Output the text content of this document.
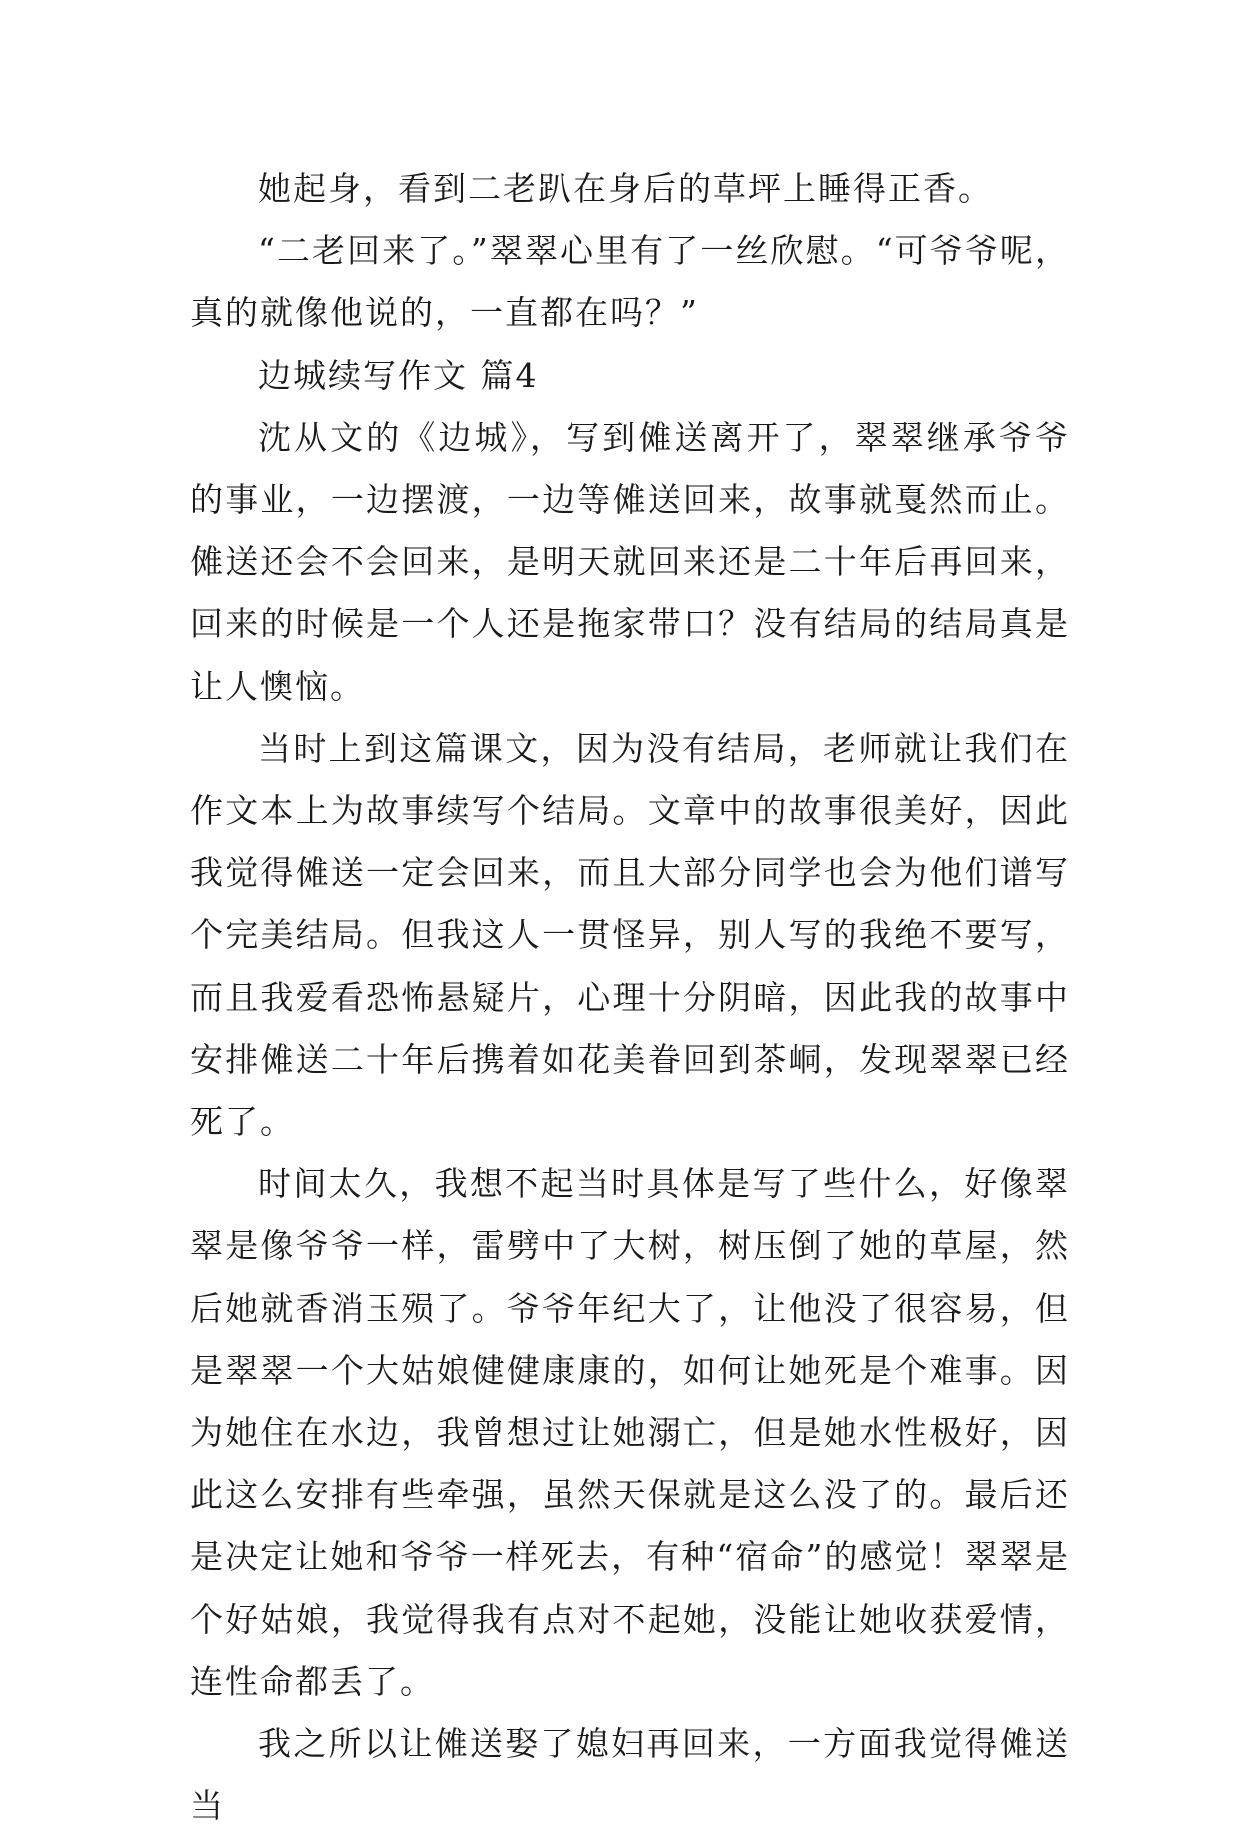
她起身，看到二老趴在身后的草坪上睡得正香。

“二老回来了。”翠翠心里有了一丝欣慰。“可爷爷呢，真的就像他说的，一直都在吗？”

边城续写作文 篇4

沈从文的《边城》，写到傩送离开了，翠翠继承爷爷的事业，一边摆渡，一边等傩送回来，故事就戛然而止。傩送还会不会回来，是明天就回来还是二十年后再回来，回来的时候是一个人还是拖家带口？没有结局的结局真是让人懊恼。

当时上到这篇课文，因为没有结局，老师就让我们在作文本上为故事续写个结局。文章中的故事很美好，因此我觉得傩送一定会回来，而且大部分同学也会为他们谱写个完美结局。但我这人一贯怪异，别人写的我绝不要写，而且我爱看恐怖悬疑片，心理十分阴暗，因此我的故事中安排傩送二十年后携着如花美眷回到茶峒，发现翠翠已经死了。

时间太久，我想不起当时具体是写了些什么，好像翠翠是像爷爷一样，雷劈中了大树，树压倒了她的草屋，然后她就香消玉殒了。爷爷年纪大了，让他没了很容易，但是翠翠一个大姑娘健健康康的，如何让她死是个难事。因为她住在水边，我曾想过让她溺亡，但是她水性极好，因此这么安排有些牵强，虽然天保就是这么没了的。最后还是决定让她和爷爷一样死去，有种“宿命”的感觉！翠翠是个好姑娘，我觉得我有点对不起她，没能让她收获爱情，连性命都丢了。

我之所以让傩送娶了媳妇再回来，一方面我觉得傩送当
